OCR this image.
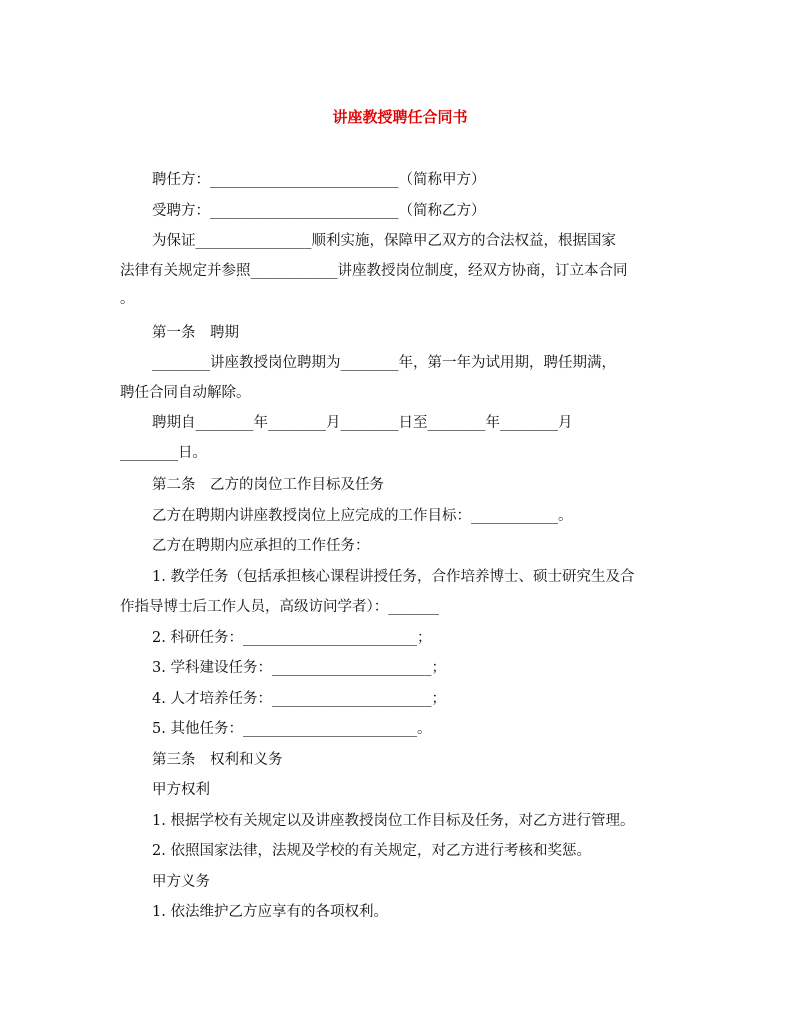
讲座教授聘任合同书

聘任方：__________________________（简称甲方）

受聘方：__________________________（简称乙方）

为保证________________顺利实施，保障甲乙双方的合法权益，根据国家

法律有关规定并参照____________讲座教授岗位制度，经双方协商，订立本合同

。

第一条　聘期

________讲座教授岗位聘期为________年，第一年为试用期，聘任期满，

聘任合同自动解除。

聘期自________年________月________日至________年________月

________日。

第二条　乙方的岗位工作目标及任务

乙方在聘期内讲座教授岗位上应完成的工作目标：____________。

乙方在聘期内应承担的工作任务：

1. 教学任务（包括承担核心课程讲授任务，合作培养博士、硕士研究生及合

作指导博士后工作人员，高级访问学者）：_______

2. 科研任务：________________________；

3. 学科建设任务：______________________；

4. 人才培养任务：______________________；

5. 其他任务：________________________。

第三条　权利和义务

甲方权利

1. 根据学校有关规定以及讲座教授岗位工作目标及任务，对乙方进行管理。

2. 依照国家法律，法规及学校的有关规定，对乙方进行考核和奖惩。

甲方义务

1. 依法维护乙方应享有的各项权利。
